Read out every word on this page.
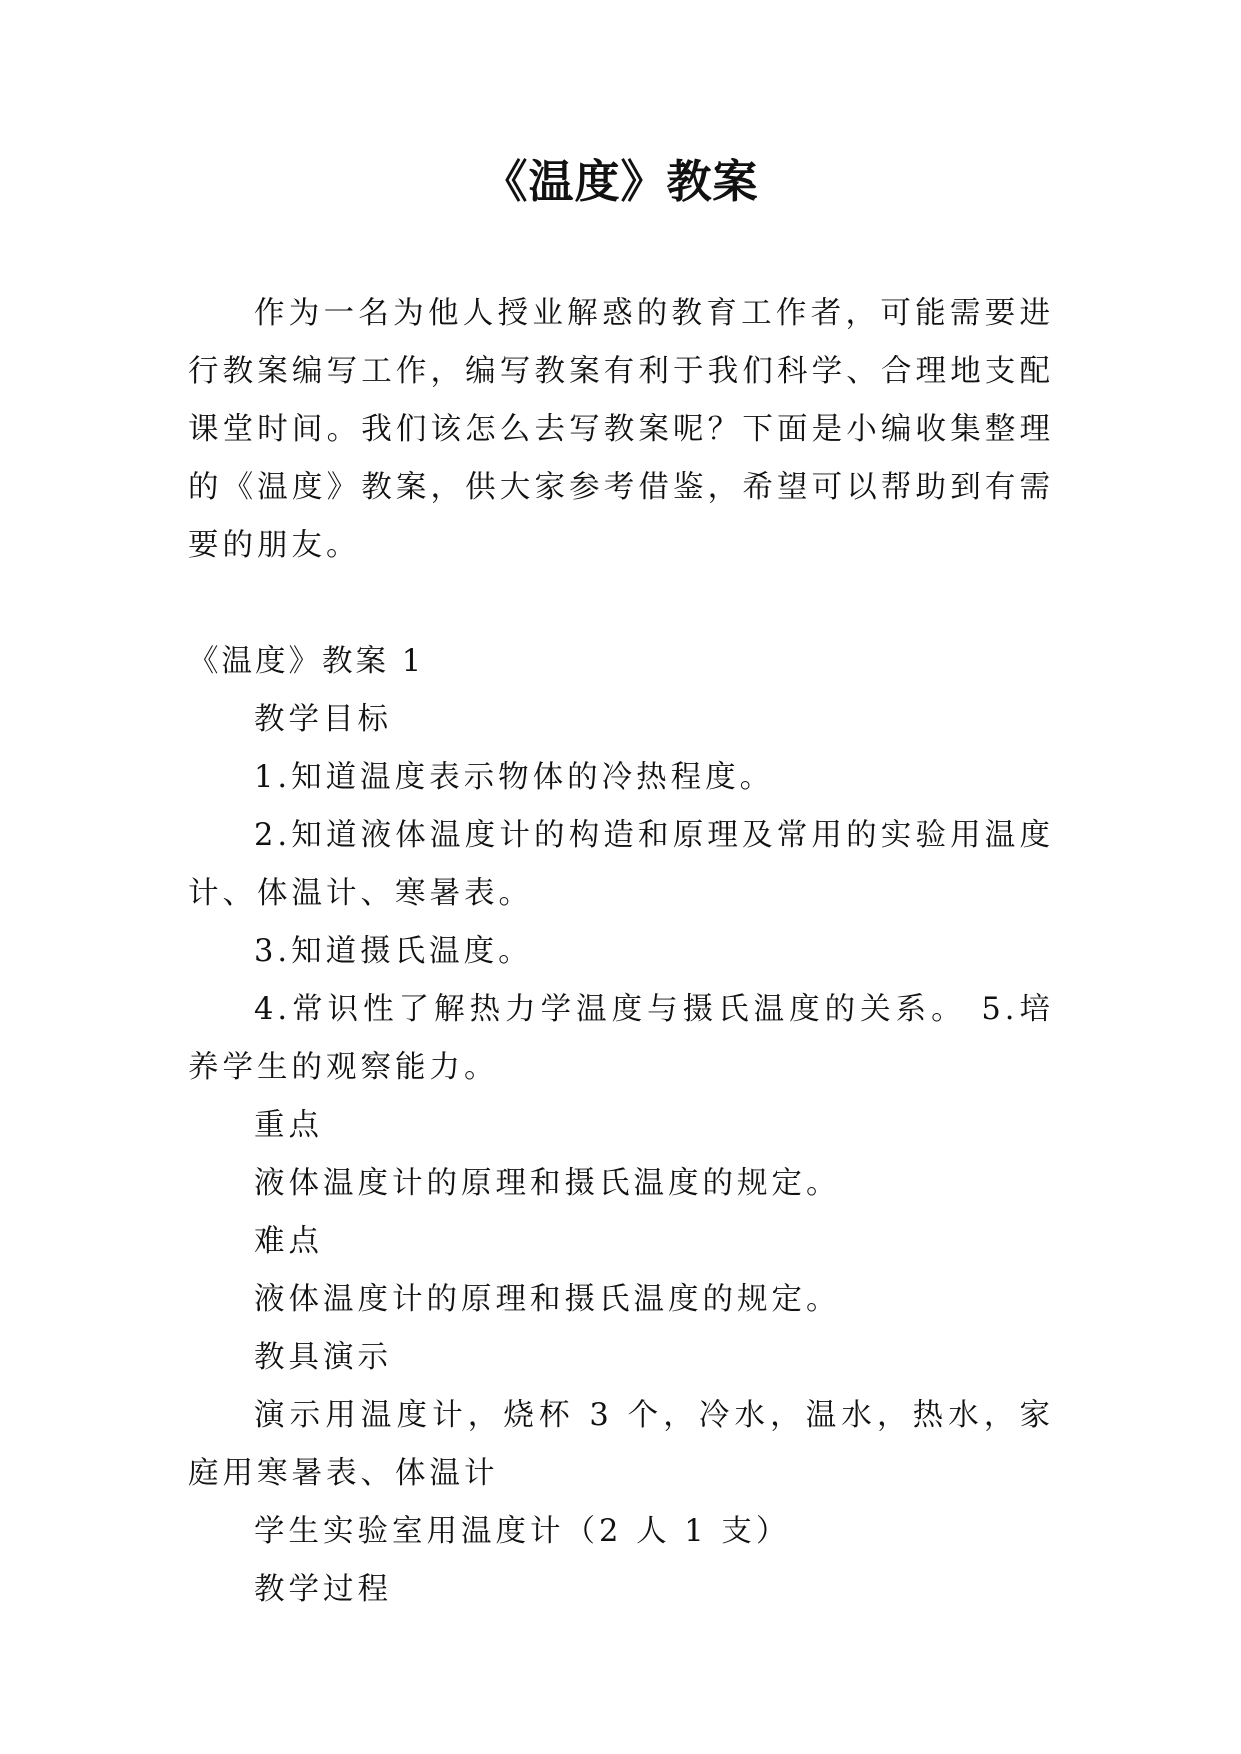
《温度》教案

作为一名为他人授业解惑的教育工作者，可能需要进行教案编写工作，编写教案有利于我们科学、合理地支配课堂时间。我们该怎么去写教案呢？下面是小编收集整理的《温度》教案，供大家参考借鉴，希望可以帮助到有需要的朋友。

《温度》教案 1

教学目标

1.知道温度表示物体的冷热程度。

2.知道液体温度计的构造和原理及常用的实验用温度计、体温计、寒暑表。

3.知道摄氏温度。

4.常识性了解热力学温度与摄氏温度的关系。 5.培养学生的观察能力。

重点

液体温度计的原理和摄氏温度的规定。

难点

液体温度计的原理和摄氏温度的规定。

教具演示

演示用温度计，烧杯 3 个，冷水，温水，热水，家庭用寒暑表、体温计

学生实验室用温度计（2 人 1 支）

教学过程
